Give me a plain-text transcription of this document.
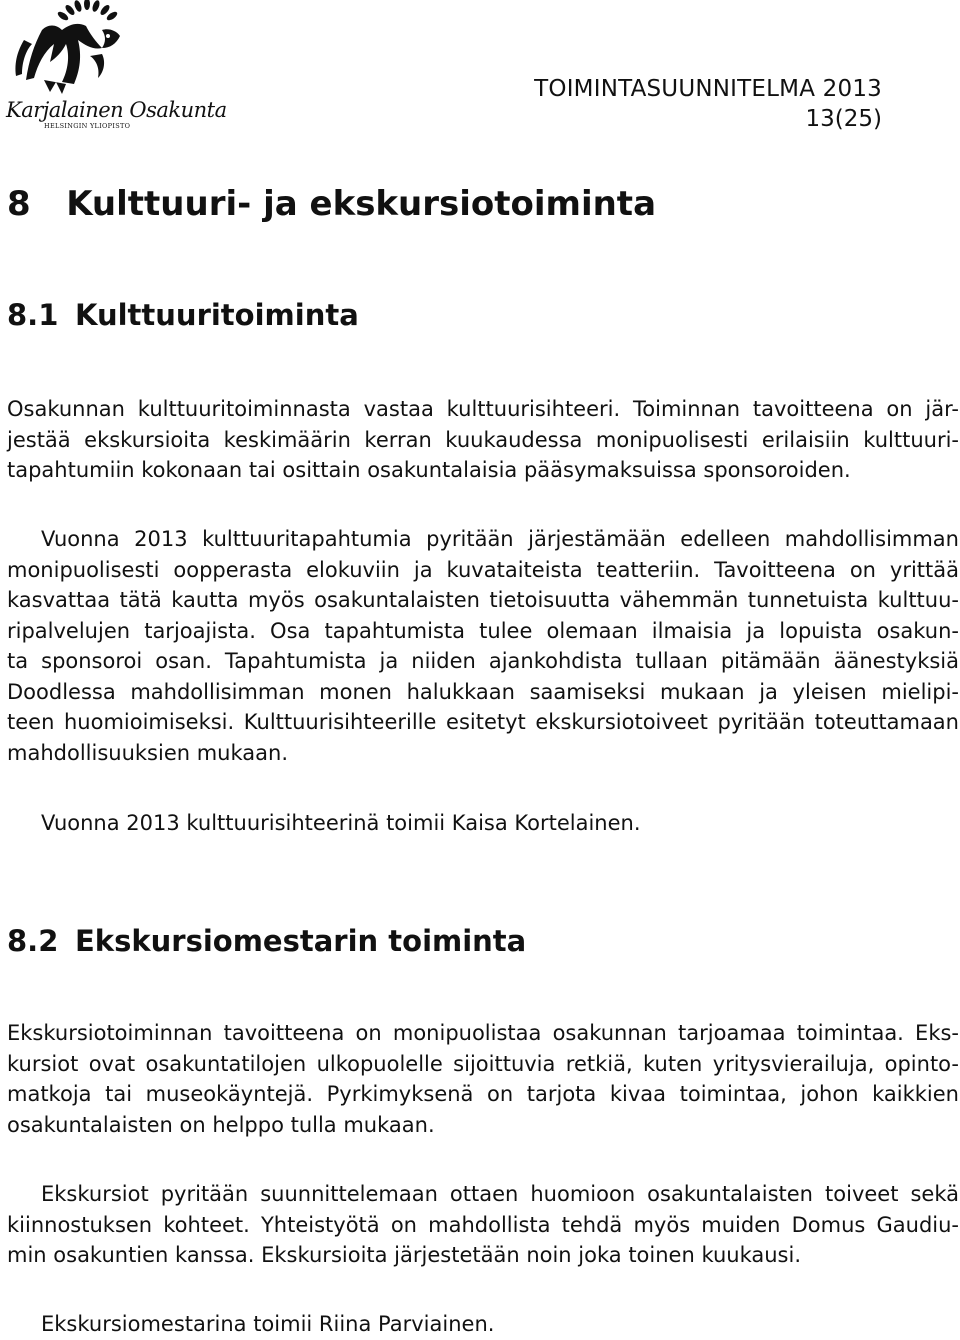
Karjalainen Osakunta
HELSINGIN YLIOPISTO
TOIMINTASUUNNITELMA 2013
13(25)
8 Kulttuuri- ja ekskursiotoiminta
8.1 Kulttuuritoiminta
Osakunnan kulttuuritoiminnasta vastaa kulttuurisihteeri. Toiminnan tavoitteena on jär-
jestää ekskursioita keskimäärin kerran kuukaudessa monipuolisesti erilaisiin kulttuuri-
tapahtumiin kokonaan tai osittain osakuntalaisia pääsymaksuissa sponsoroiden.
Vuonna 2013 kulttuuritapahtumia pyritään järjestämään edelleen mahdollisimman
monipuolisesti oopperasta elokuviin ja kuvataiteista teatteriin. Tavoitteena on yrittää
kasvattaa tätä kautta myös osakuntalaisten tietoisuutta vähemmän tunnetuista kulttuu-
ripalvelujen tarjoajista. Osa tapahtumista tulee olemaan ilmaisia ja lopuista osakun-
ta sponsoroi osan. Tapahtumista ja niiden ajankohdista tullaan pitämään äänestyksiä
Doodlessa mahdollisimman monen halukkaan saamiseksi mukaan ja yleisen mielipi-
teen huomioimiseksi. Kulttuurisihteerille esitetyt ekskursiotoiveet pyritään toteuttamaan
mahdollisuuksien mukaan.
Vuonna 2013 kulttuurisihteerinä toimii Kaisa Kortelainen.
8.2 Ekskursiomestarin toiminta
Ekskursiotoiminnan tavoitteena on monipuolistaa osakunnan tarjoamaa toimintaa. Eks-
kursiot ovat osakuntatilojen ulkopuolelle sijoittuvia retkiä, kuten yritysvierailuja, opinto-
matkoja tai museokäyntejä. Pyrkimyksenä on tarjota kivaa toimintaa, johon kaikkien
osakuntalaisten on helppo tulla mukaan.
Ekskursiot pyritään suunnittelemaan ottaen huomioon osakuntalaisten toiveet sekä
kiinnostuksen kohteet. Yhteistyötä on mahdollista tehdä myös muiden Domus Gaudiu-
min osakuntien kanssa. Ekskursioita järjestetään noin joka toinen kuukausi.
Ekskursiomestarina toimii Riina Parviainen.
